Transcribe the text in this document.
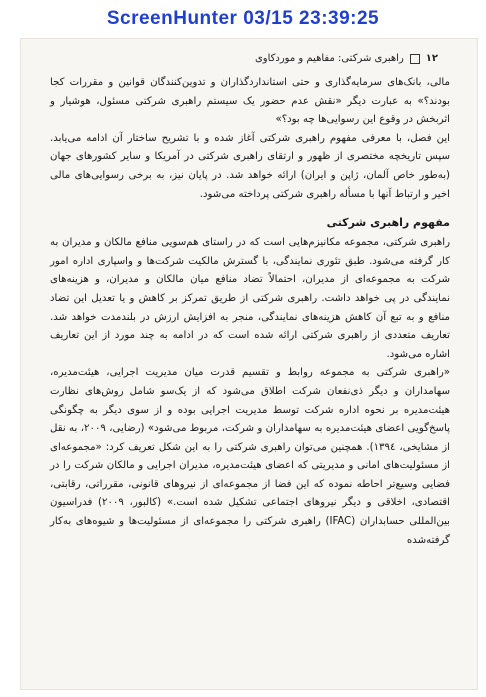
ScreenHunter 03/15 23:39:25
۱۲
راهبری شرکتی: مفاهیم و موردکاوی

مالی، بانک‌های سرمایه‌گذاری و حتی استانداردگذاران و تدوین‌کنندگان قوانین و مقررات کجا بودند؟» به عبارت دیگر «نقش عدم حضور یک سیستم راهبری شرکتی مسئول، هوشیار و اثربخش در وقوع این رسوایی‌ها چه بود؟»

این فصل، با معرفی مفهوم راهبری شرکتی آغاز شده و با تشریح ساختار آن ادامه می‌یابد. سپس تاریخچه مختصری از ظهور و ارتقای راهبری شرکتی در آمریکا و سایر کشورهای جهان (به‌طور خاص آلمان، ژاپن و ایران) ارائه خواهد شد. در پایان نیز، به برخی رسوایی‌های مالی اخیر و ارتباط آنها با مسأله راهبری شرکتی پرداخته می‌شود.

مفهوم راهبری شرکتی

راهبری شرکتی، مجموعه مکانیزم‌هایی است که در راستای هم‌سویی منافع مالکان و مدیران به کار گرفته می‌شود. طبق تئوری نمایندگی، با گسترش مالکیت شرکت‌ها و واسپاری اداره امور شرکت به مجموعه‌ای از مدیران، احتمالاً تضاد منافع میان مالکان و مدیران، و هزینه‌های نمایندگی در پی خواهد داشت. راهبری شرکتی از طریق تمرکز بر کاهش و یا تعدیل این تضاد منافع و به تبع آن کاهش هزینه‌های نمایندگی، منجر به افزایش ارزش در بلندمدت خواهد شد. تعاریف متعددی از راهبری شرکتی ارائه شده است که در ادامه به چند مورد از این تعاریف اشاره می‌شود.

«راهبری شرکتی به مجموعه روابط و تقسیم قدرت میان مدیریت اجرایی، هیئت‌مدیره، سهامداران و دیگر ذی‌نفعان شرکت اطلاق می‌شود که از یک‌سو شامل روش‌های نظارت هیئت‌مدیره بر نحوه اداره شرکت توسط مدیریت اجرایی بوده و از سوی دیگر به چگونگی پاسخ‌گویی اعضای هیئت‌مدیره به سهامداران و شرکت، مربوط می‌شود» (رضایی، ۲۰۰۹، به نقل از مشایخی، ۱۳۹٤). همچنین می‌توان راهبری شرکتی را به این شکل تعریف کرد: «مجموعه‌ای از مسئولیت‌های امانی و مدیریتی که اعضای هیئت‌مدیره، مدیران اجرایی و مالکان شرکت را در فضایی وسیع‌تر احاطه نموده که این فضا از مجموعه‌ای از نیروهای قانونی، مقرراتی، رقابتی، اقتصادی، اخلاقی و دیگر نیروهای اجتماعی تشکیل شده است.» (کالبور، ۲۰۰۹) فدراسیون بین‌المللی حسابداران (IFAC) راهبری شرکتی را مجموعه‌ای از مسئولیت‌ها و شیوه‌های به‌کار گرفته‌شده
